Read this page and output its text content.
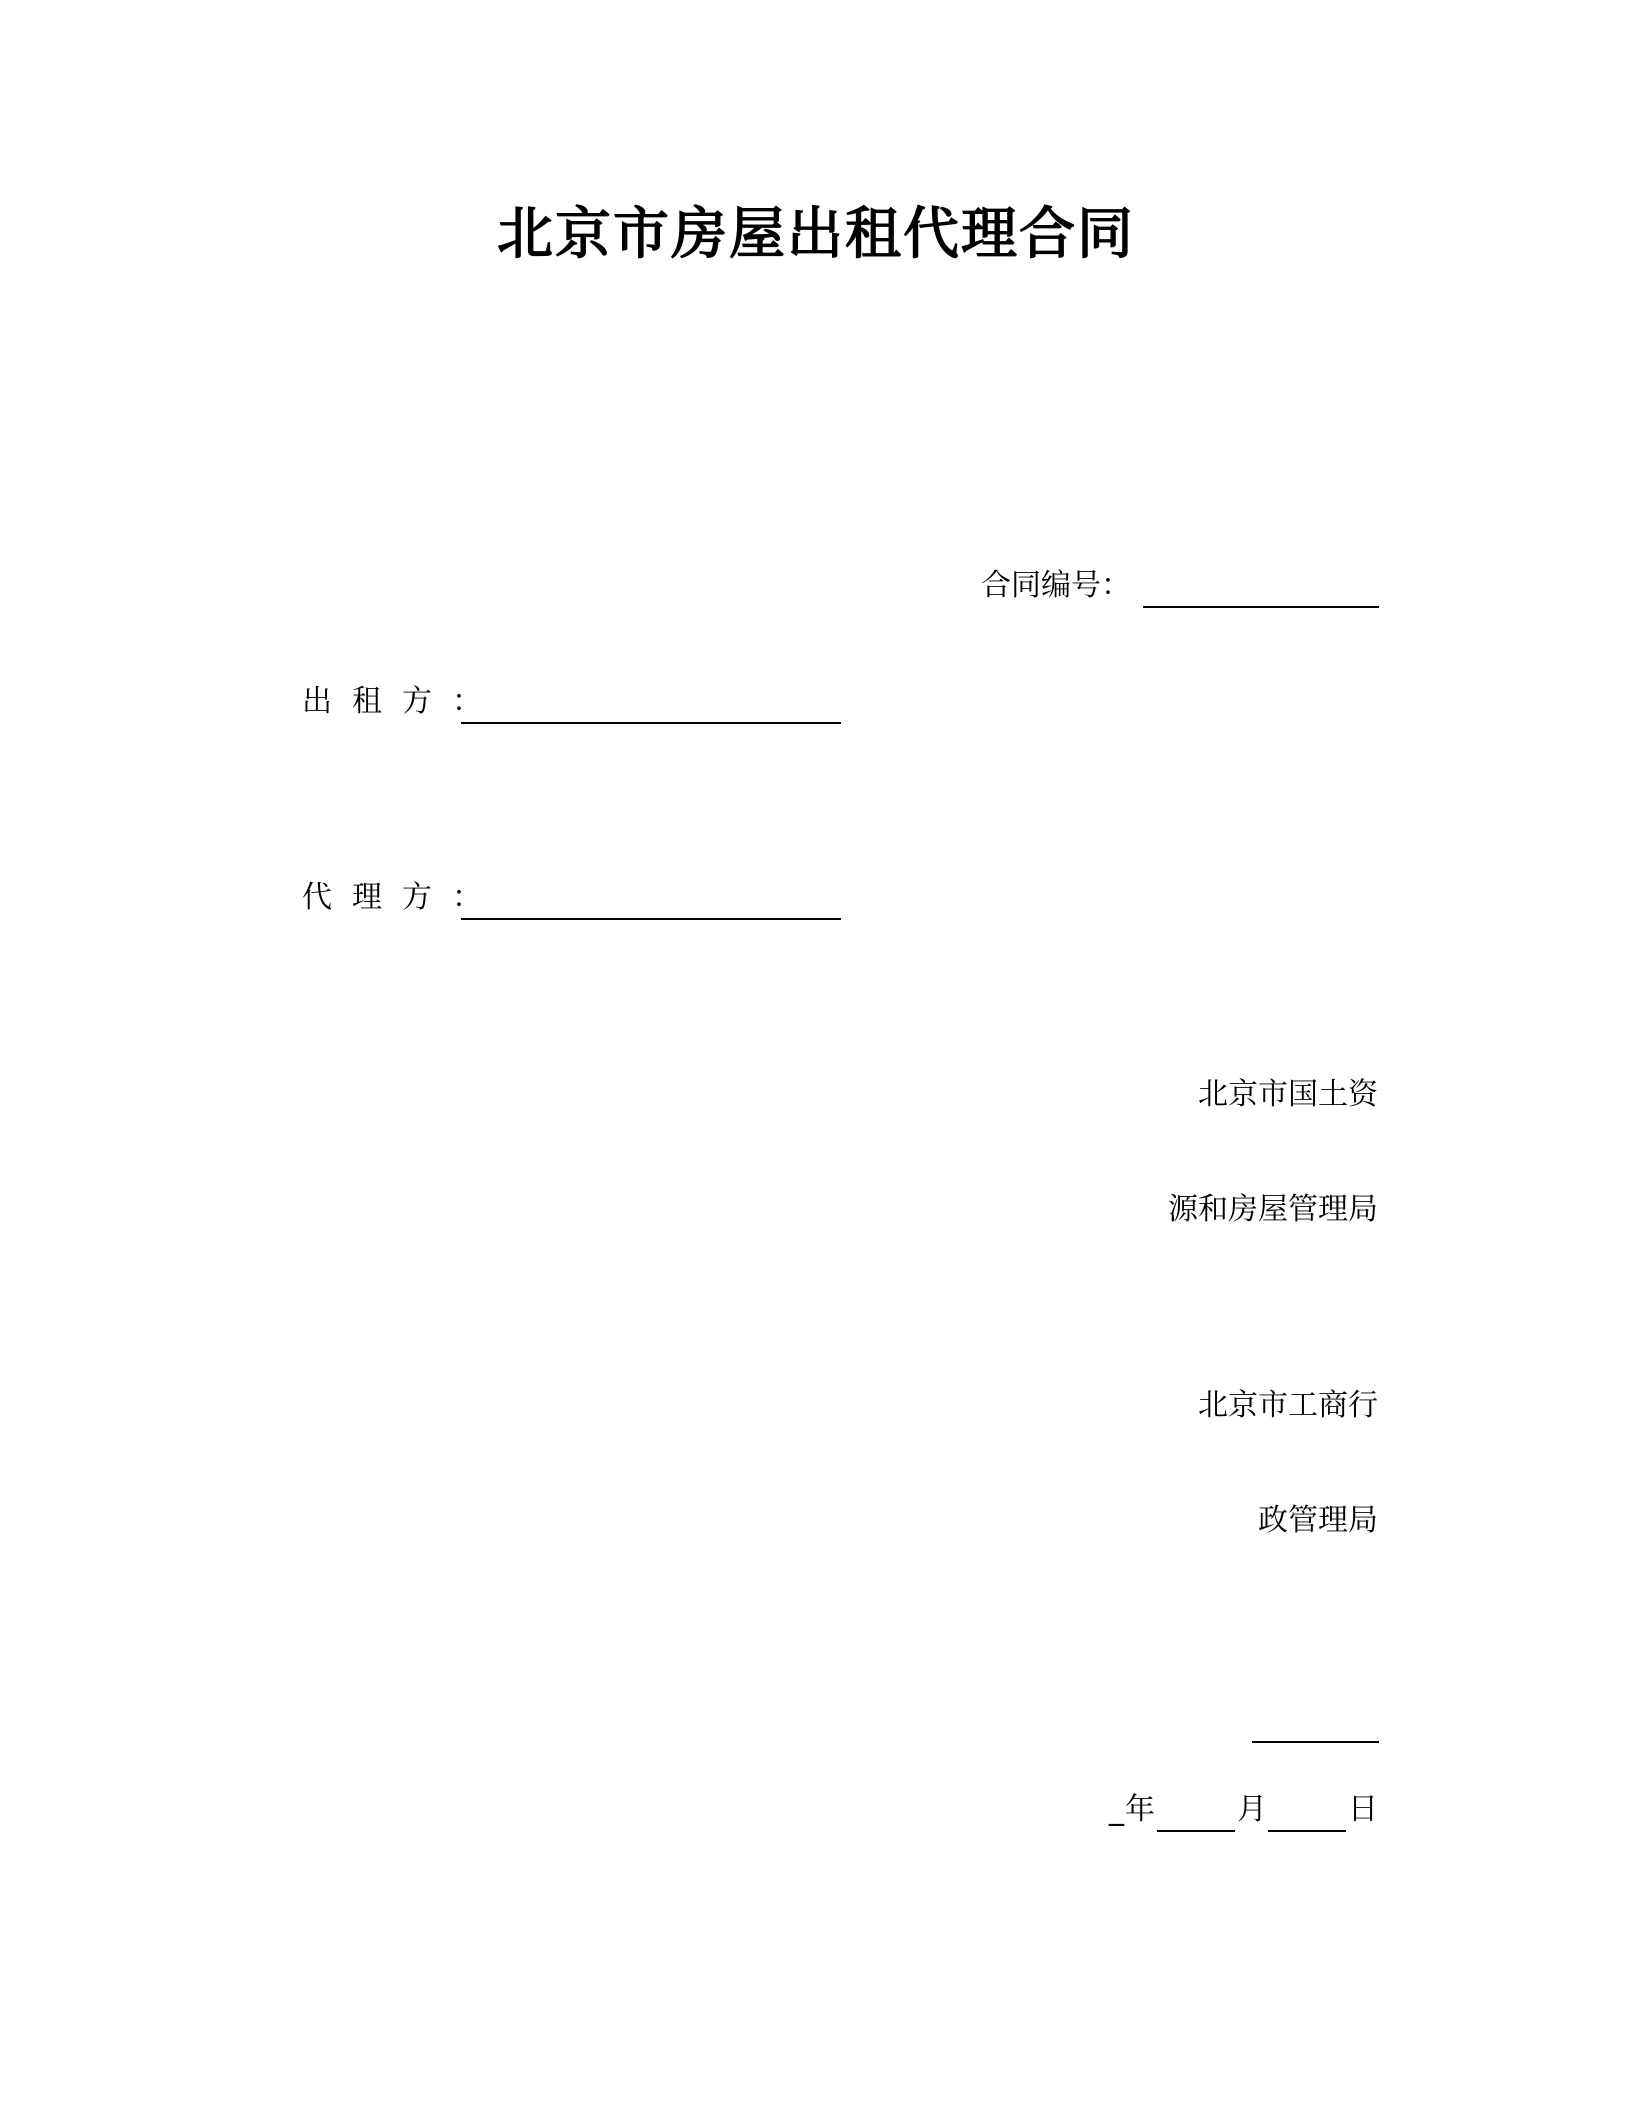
北京市房屋出租代理合同
合同编号：
出租方：
代理方：
北京市国土资
源和房屋管理局
北京市工商行
政管理局
_ 年	月	日
